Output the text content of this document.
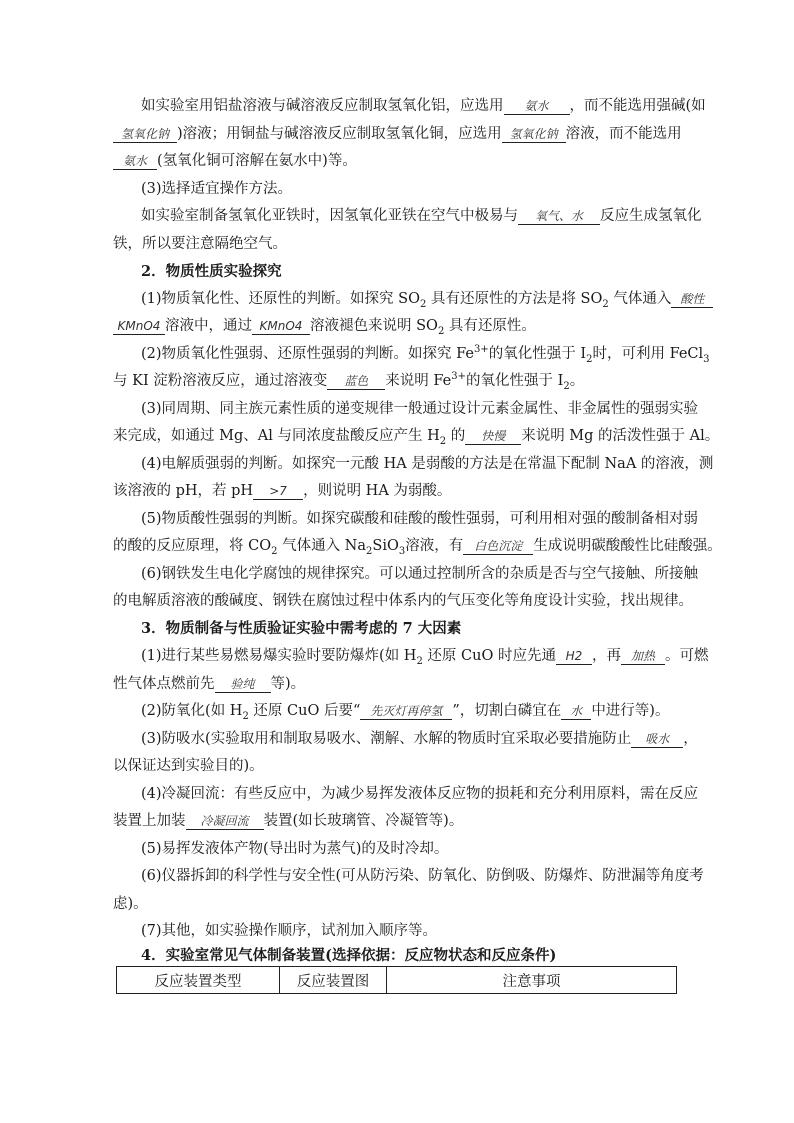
如实验室用铝盐溶液与碱溶液反应制取氢氧化铝，应选用 氨水 ，而不能选用强碱(如
氢氧化钠 )溶液；用铜盐与碱溶液反应制取氢氧化铜，应选用 氢氧化钠 溶液，而不能选用
氨水 (氢氧化铜可溶解在氨水中)等。
(3)选择适宜操作方法。
如实验室制备氢氧化亚铁时，因氢氧化亚铁在空气中极易与 氧气、水 反应生成氢氧化
铁，所以要注意隔绝空气。
2．物质性质实验探究
(1)物质氧化性、还原性的判断。如探究 $SO_2$ 具有还原性的方法是将 $SO_2$ 气体通入 酸性
KMnO4 溶液中，通过 KMnO4 溶液褪色来说明 $SO_2$ 具有还原性。
(2)物质氧化性强弱、还原性强弱的判断。如探究 $Fe^{3+}$的氧化性强于 $I_2$时，可利用 FeCl$_3$
与 KI 淀粉溶液反应，通过溶液变 蓝色 来说明 $Fe^{3+}$的氧化性强于 $I_2$。
(3)同周期、同主族元素性质的递变规律一般通过设计元素金属性、非金属性的强弱实验
来完成，如通过 Mg、Al 与同浓度盐酸反应产生 $H_2$ 的 快慢 来说明 Mg 的活泼性强于 Al。
(4)电解质强弱的判断。如探究一元酸 HA 是弱酸的方法是在常温下配制 NaA 的溶液，测
该溶液的 pH，若 pH >7 ，则说明 HA 为弱酸。
(5)物质酸性强弱的判断。如探究碳酸和硅酸的酸性强弱，可利用相对强的酸制备相对弱
的酸的反应原理，将 $CO_2$ 气体通入 $Na_2SiO_3$溶液，有 白色沉淀 生成说明碳酸酸性比硅酸强。
(6)钢铁发生电化学腐蚀的规律探究。可以通过控制所含的杂质是否与空气接触、所接触
的电解质溶液的酸碱度、钢铁在腐蚀过程中体系内的气压变化等角度设计实验，找出规律。
3．物质制备与性质验证实验中需考虑的 7 大因素
(1)进行某些易燃易爆实验时要防爆炸(如 $H_2$ 还原 CuO 时应先通 H2 ，再 加热 。可燃
性气体点燃前先 验纯 等)。
(2)防氧化(如 $H_2$ 还原 CuO 后要“ 先灭灯再停氢 ”，切割白磷宜在 水 中进行等)。
(3)防吸水(实验取用和制取易吸水、潮解、水解的物质时宜采取必要措施防止 吸水 ，
以保证达到实验目的)。
(4)冷凝回流：有些反应中，为减少易挥发液体反应物的损耗和充分利用原料，需在反应
装置上加装 冷凝回流 装置(如长玻璃管、冷凝管等)。
(5)易挥发液体产物(导出时为蒸气)的及时冷却。
(6)仪器拆卸的科学性与安全性(可从防污染、防氧化、防倒吸、防爆炸、防泄漏等角度考
虑)。
(7)其他，如实验操作顺序，试剂加入顺序等。
4．实验室常见气体制备装置(选择依据：反应物状态和反应条件)
反应装置类型	反应装置图	注意事项
